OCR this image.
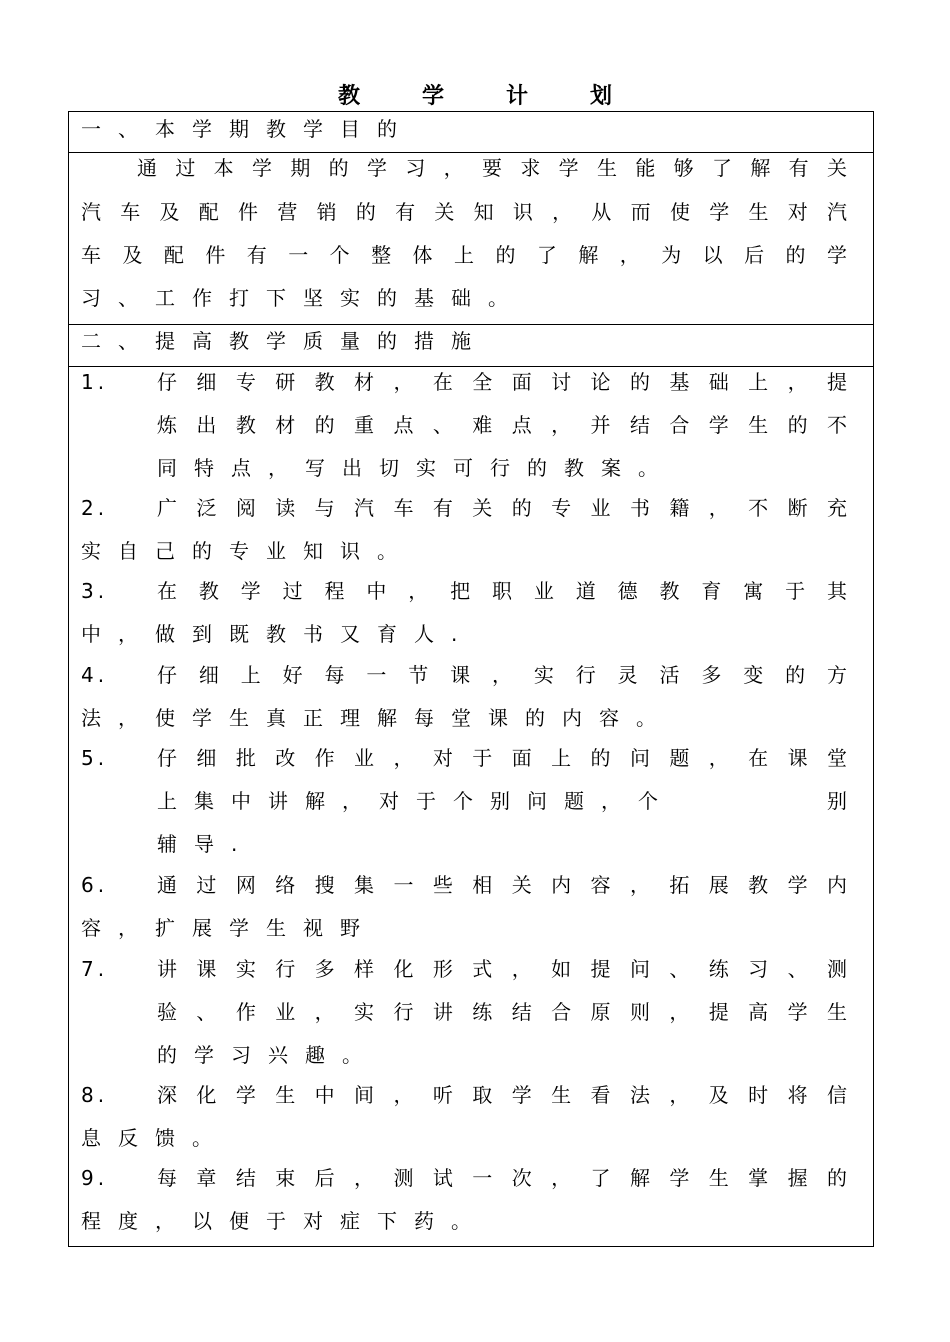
教学计划
一、本学期教学目的
通过本学期的学习，要求学生能够了解有关
汽车及配件营销的有关知识，从而使学生对汽
车及配件有一个整体上的了解，为以后的学
习、工作打下坚实的基础。
二、提高教学质量的措施
1.	仔细专研教材，在全面讨论的基础上，提
炼出教材的重点、难点，并结合学生的不
同特点，写出切实可行的教案。
2.	广泛阅读与汽车有关的专业书籍，不断充
实自己的专业知识。
3.	在教学过程中，把职业道德教育寓于其
中，做到既教书又育人.
4.	仔细上好每一节课，实行灵活多变的方
法，使学生真正理解每堂课的内容。
5.	仔细批改作业，对于面上的问题，在课堂
上集中讲解，对于个别问题，个	别
辅导.
6.	通过网络搜集一些相关内容，拓展教学内
容，扩展学生视野
7.	讲课实行多样化形式，如提问、练习、测
验、作业，实行讲练结合原则，提高学生
的学习兴趣。
8.	深化学生中间，听取学生看法，及时将信
息反馈。
9.	每章结束后，测试一次，了解学生掌握的
程度，以便于对症下药。
